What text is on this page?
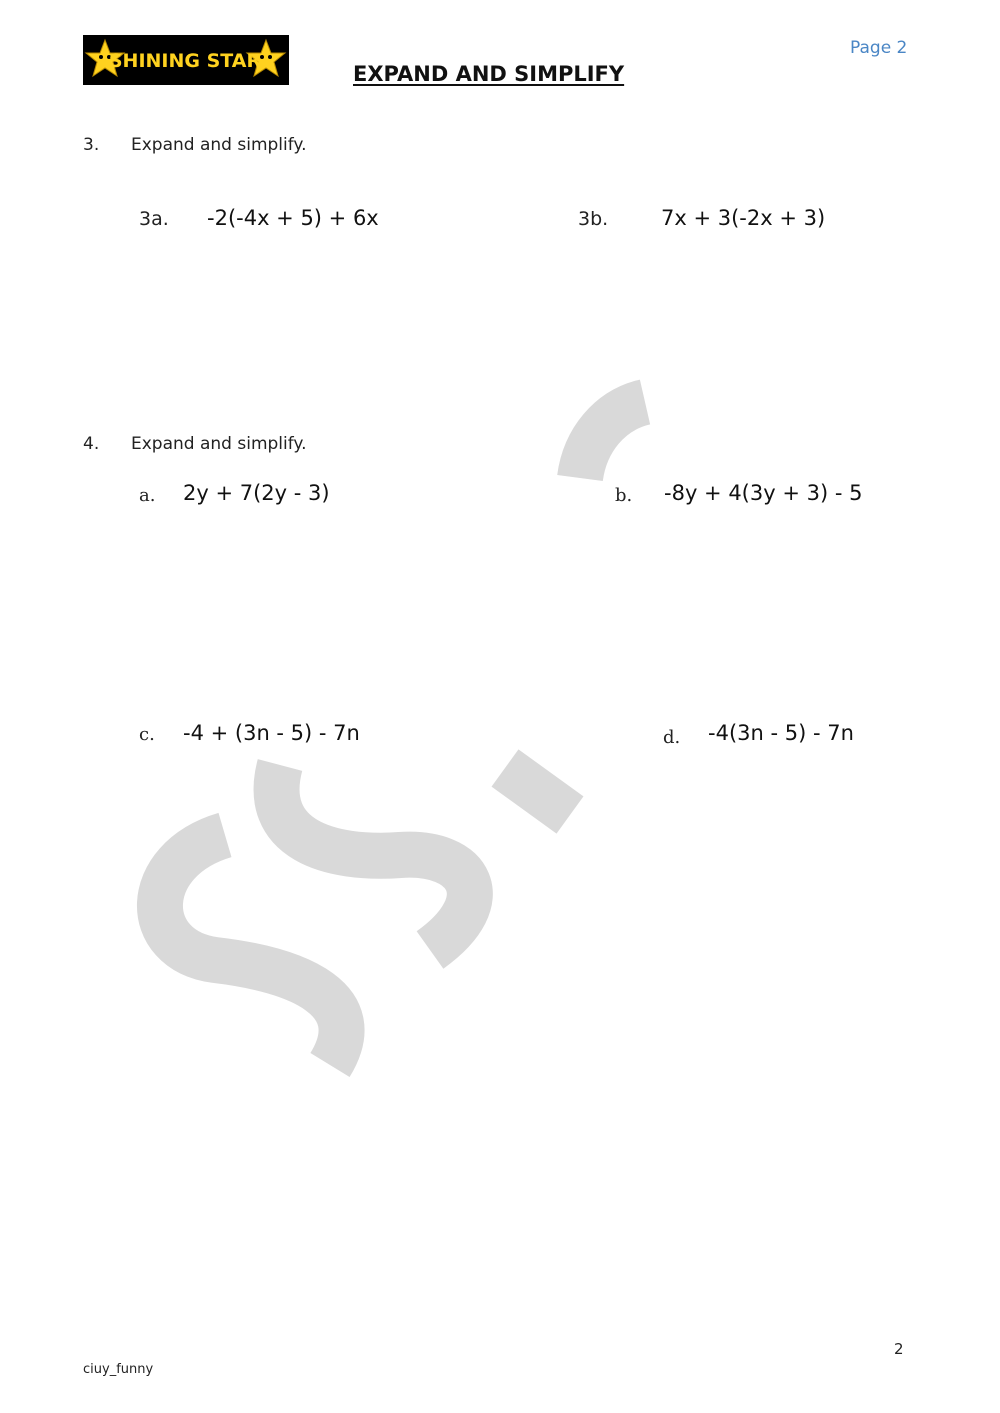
SHINING STAR
Page 2
EXPAND AND SIMPLIFY
3. Expand and simplify.
3a. -2(-4x + 5) + 6x	3b.	7x + 3(-2x + 3)
4. Expand and simplify.
a. 2y + 7(2y - 3)	b. -8y + 4(3y + 3) - 5
c. -4 + (3n - 5) - 7n	d. -4(3n - 5) - 7n
2
ciuy_funny
